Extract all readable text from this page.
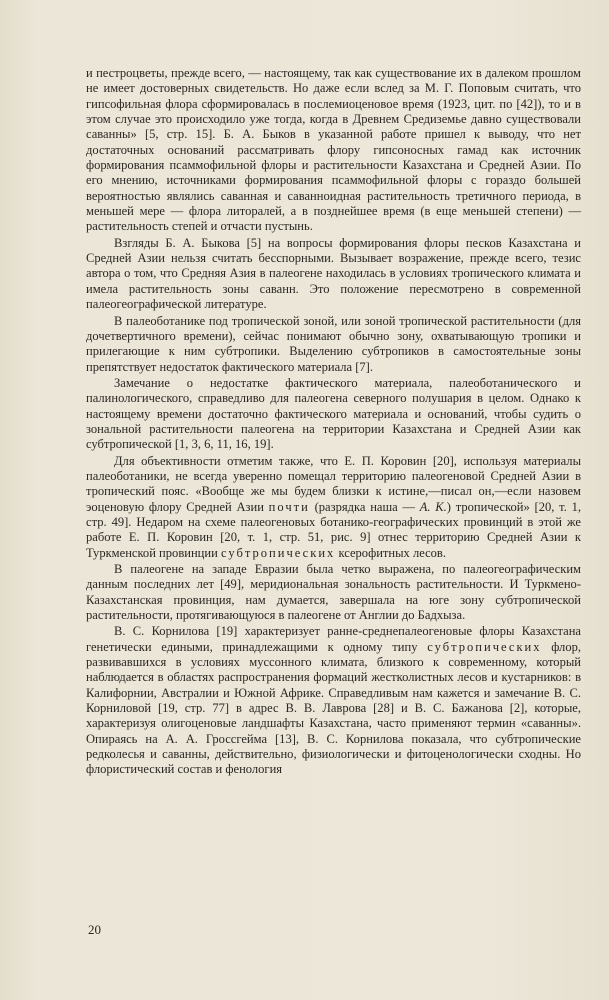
и пестроцветы, прежде всего, — настоящему, так как существование их в далеком прошлом не имеет достоверных свидетельств. Но даже если вслед за М. Г. Поповым считать, что гипсофильная флора сформировалась в послемиоценовое время (1923, цит. по [42]), то и в этом случае это происходило уже тогда, когда в Древнем Средиземье давно существовали саванны» [5, стр. 15]. Б. А. Быков в указанной работе пришел к выводу, что нет достаточных оснований рассматривать флору гипсоносных гамад как источник формирования псаммофильной флоры и растительности Казахстана и Средней Азии. По его мнению, источниками формирования псаммофильной флоры с гораздо большей вероятностью являлись саванная и саванноидная растительность третичного периода, в меньшей мере — флора литоралей, а в позднейшее время (в еще меньшей степени) — растительность степей и отчасти пустынь.

Взгляды Б. А. Быкова [5] на вопросы формирования флоры песков Казахстана и Средней Азии нельзя считать бесспорными. Вызывает возражение, прежде всего, тезис автора о том, что Средняя Азия в палеогене находилась в условиях тропического климата и имела растительность зоны саванн. Это положение пересмотрено в современной палеогеографической литературе.

В палеоботанике под тропической зоной, или зоной тропической растительности (для дочетвертичного времени), сейчас понимают обычно зону, охватывающую тропики и прилегающие к ним субтропики. Выделению субтропиков в самостоятельные зоны препятствует недостаток фактического материала [7].

Замечание о недостатке фактического материала, палеоботанического и палинологического, справедливо для палеогена северного полушария в целом. Однако к настоящему времени достаточно фактического материала и оснований, чтобы судить о зональной растительности палеогена на территории Казахстана и Средней Азии как субтропической [1, 3, 6, 11, 16, 19].

Для объективности отметим также, что Е. П. Коровин [20], используя материалы палеоботаники, не всегда уверенно помещал территорию палеогеновой Средней Азии в тропический пояс. «Вообще же мы будем близки к истине,—писал он,—если назовем эоценовую флору Средней Азии почти (разрядка наша — А. К.) тропической» [20, т. 1, стр. 49]. Недаром на схеме палеогеновых ботанико-географических провинций в этой же работе Е. П. Коровин [20, т. 1, стр. 51, рис. 9] отнес территорию Средней Азии к Туркменской провинции субтропических ксерофитных лесов.

В палеогене на западе Евразии была четко выражена, по палеогеографическим данным последних лет [49], меридиональная зональность растительности. И Туркмено-Казахстанская провинция, нам думается, завершала на юге зону субтропической растительности, протягивающуюся в палеогене от Англии до Бадхыза.

В. С. Корнилова [19] характеризует ранне-среднепалеогеновые флоры Казахстана генетически едиными, принадлежащими к одному типу субтропических флор, развивавшихся в условиях муссонного климата, близкого к современному, который наблюдается в областях распространения формаций жестколистных лесов и кустарников: в Калифорнии, Австралии и Южной Африке. Справедливым нам кажется и замечание В. С. Корниловой [19, стр. 77] в адрес В. В. Лаврова [28] и В. С. Бажанова [2], которые, характеризуя олигоценовые ландшафты Казахстана, часто применяют термин «саванны». Опираясь на А. А. Гроссгейма [13], В. С. Корнилова показала, что субтропические редколесья и саванны, действительно, физиологически и фитоценологически сходны. Но флористический состав и фенология

20
